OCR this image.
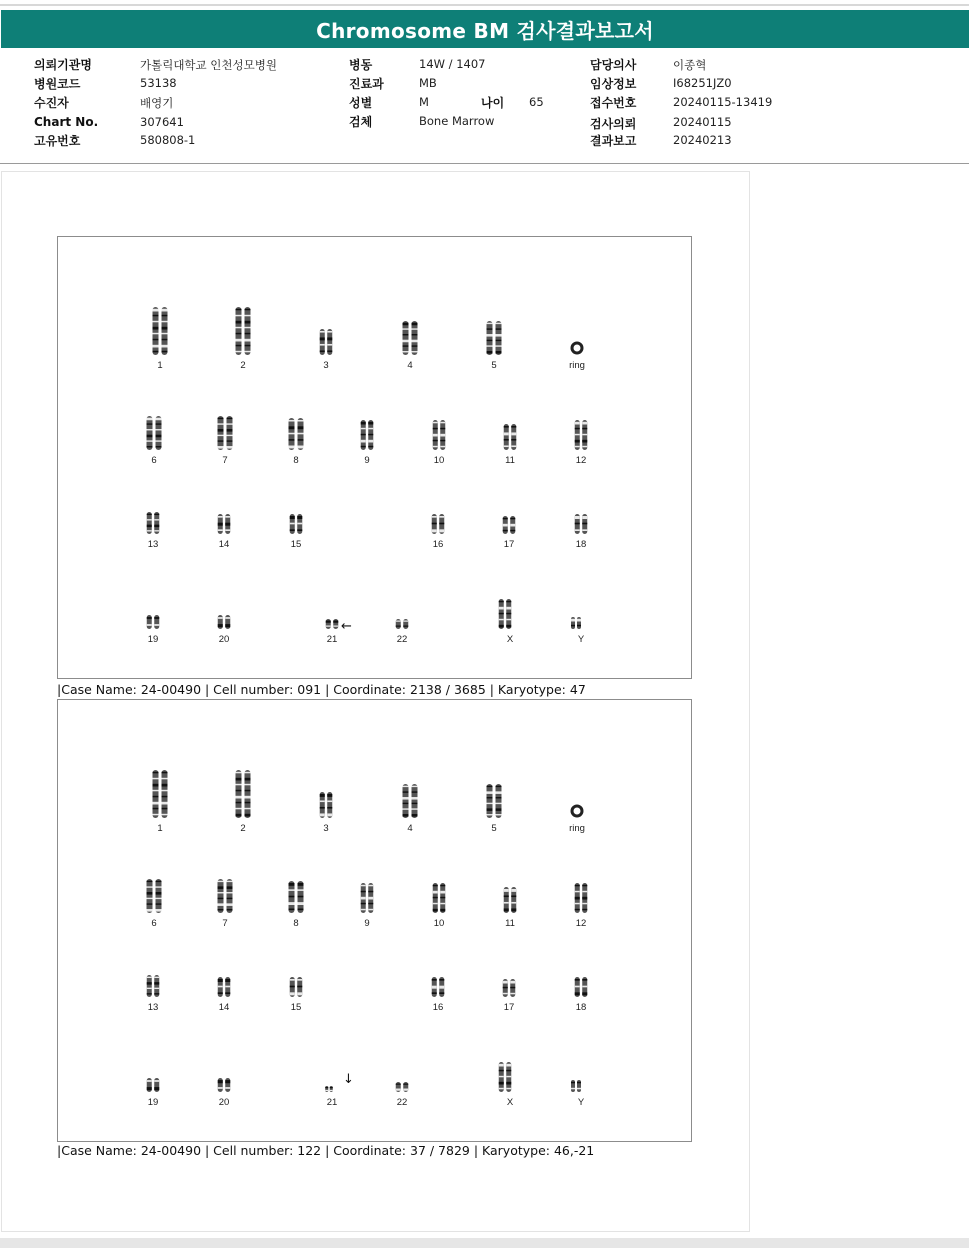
Chromosome BM 검사결과보고서
의뢰기관명	가톨릭대학교 인천성모병원
병원코드	53138
수진자	배영기
Chart No.	307641
고유번호	580808-1
병동	14W / 1407
진료과	MB
성별	M	나이 65
검체	Bone Marrow
담당의사	이종혁
임상정보	I68251JZ0
접수번호	20240115-13419
검사의뢰	20240115
결과보고	20240213
1	2	3	4	5	ring
6	7	8	9	10	11	12
13	14	15	16	17	18
19	20	21	22	X	Y
←
|Case Name: 24-00490 | Cell number: 091 | Coordinate: 2138 / 3685 | Karyotype: 47
1	2	3	4	5	ring
6	7	8	9	10	11	12
13	14	15	16	17	18
19	20	21	22	X	Y
↓
|Case Name: 24-00490 | Cell number: 122 | Coordinate: 37 / 7829 | Karyotype: 46,-21
